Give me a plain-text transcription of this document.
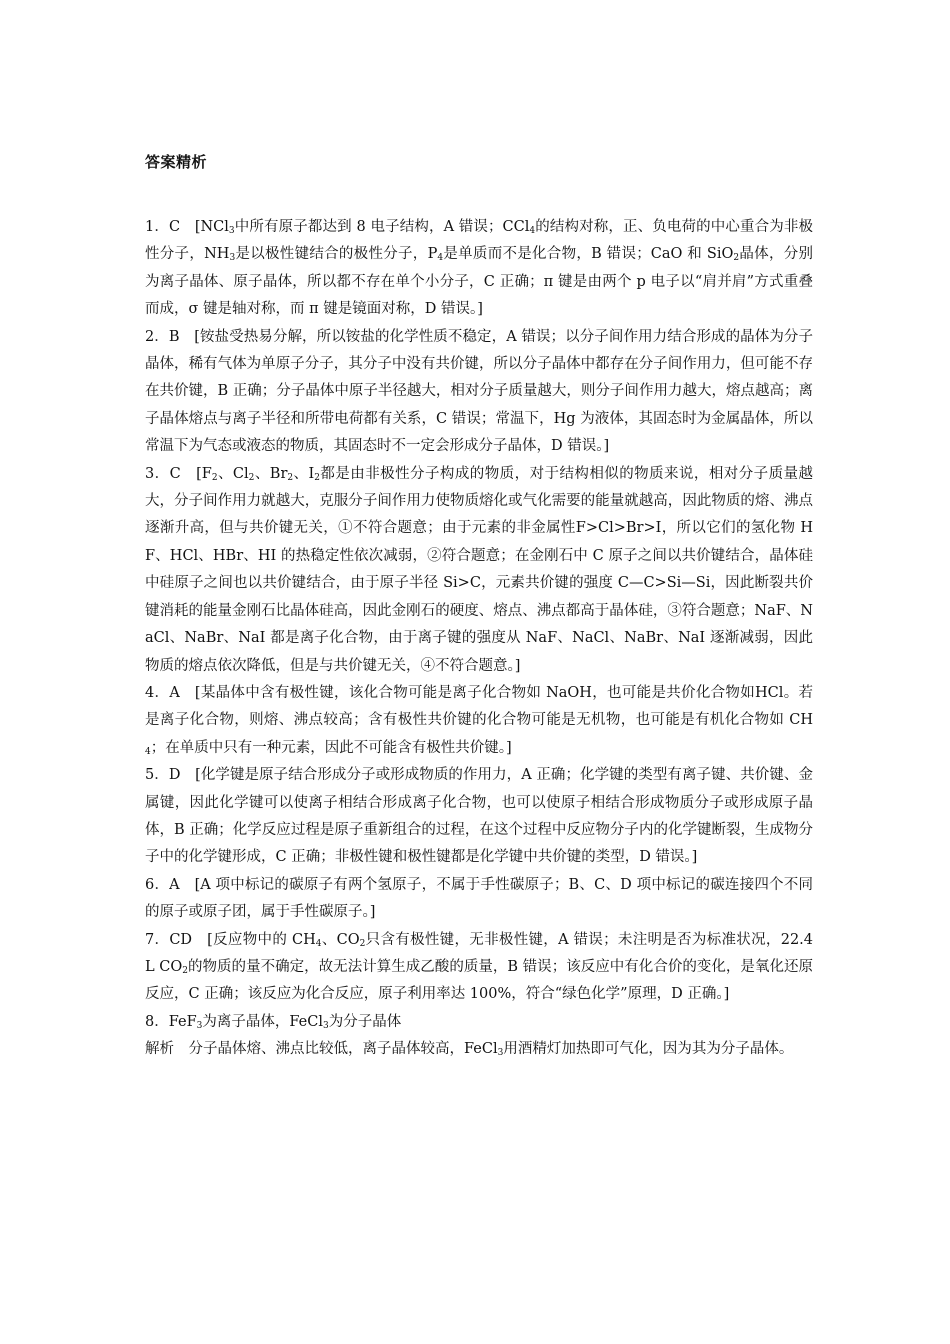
答案精析

1．C　[NCl$_3$中所有原子都达到 8 电子结构，A 错误；CCl$_4$的结构对称，正、负电荷的中心重合为非极性分子，$NH_3$是以极性键结合的极性分子，$P_4$是单质而不是化合物，B 错误；CaO 和 SiO$_2$晶体，分别为离子晶体、原子晶体，所以都不存在单个小分子，C 正确；π 键是由两个 p 电子以“肩并肩”方式重叠而成，σ 键是轴对称，而 π 键是镜面对称，D 错误。]

2．B　[铵盐受热易分解，所以铵盐的化学性质不稳定，A 错误；以分子间作用力结合形成的晶体为分子晶体，稀有气体为单原子分子，其分子中没有共价键，所以分子晶体中都存在分子间作用力，但可能不存在共价键，B 正确；分子晶体中原子半径越大，相对分子质量越大，则分子间作用力越大，熔点越高；离子晶体熔点与离子半径和所带电荷都有关系，C 错误；常温下，Hg 为液体，其固态时为金属晶体，所以常温下为气态或液态的物质，其固态时不一定会形成分子晶体，D 错误。]

3．C　[$F_2$、$Cl_2$、$Br_2$、$I_2$都是由非极性分子构成的物质，对于结构相似的物质来说，相对分子质量越大，分子间作用力就越大，克服分子间作用力使物质熔化或气化需要的能量就越高，因此物质的熔、沸点逐渐升高，但与共价键无关，①不符合题意；由于元素的非金属性F>Cl>Br>I，所以它们的氢化物 HF、HCl、HBr、HI 的热稳定性依次减弱，②符合题意；在金刚石中 C 原子之间以共价键结合，晶体硅中硅原子之间也以共价键结合，由于原子半径 Si>C，元素共价键的强度 C—C>Si—Si，因此断裂共价键消耗的能量金刚石比晶体硅高，因此金刚石的硬度、熔点、沸点都高于晶体硅，③符合题意；NaF、NaCl、NaBr、NaI 都是离子化合物，由于离子键的强度从 NaF、NaCl、NaBr、NaI 逐渐减弱，因此物质的熔点依次降低，但是与共价键无关，④不符合题意。]

4．A　[某晶体中含有极性键，该化合物可能是离子化合物如 NaOH，也可能是共价化合物如HCl。若是离子化合物，则熔、沸点较高；含有极性共价键的化合物可能是无机物，也可能是有机化合物如 $CH_4$；在单质中只有一种元素，因此不可能含有极性共价键。]

5．D　[化学键是原子结合形成分子或形成物质的作用力，A 正确；化学键的类型有离子键、共价键、金属键，因此化学键可以使离子相结合形成离子化合物，也可以使原子相结合形成物质分子或形成原子晶体，B 正确；化学反应过程是原子重新组合的过程，在这个过程中反应物分子内的化学键断裂，生成物分子中的化学键形成，C 正确；非极性键和极性键都是化学键中共价键的类型，D 错误。]

6．A　[A 项中标记的碳原子有两个氢原子，不属于手性碳原子；B、C、D 项中标记的碳连接四个不同的原子或原子团，属于手性碳原子。]

7．CD　[反应物中的 $CH_4$、$CO_2$只含有极性键，无非极性键，A 错误；未注明是否为标准状况，22.4 L $CO_2$的物质的量不确定，故无法计算生成乙酸的质量，B 错误；该反应中有化合价的变化，是氧化还原反应，C 正确；该反应为化合反应，原子利用率达 100%，符合“绿色化学”原理，D 正确。]

8．FeF$_3$为离子晶体，FeCl$_3$为分子晶体

解析　分子晶体熔、沸点比较低，离子晶体较高，FeCl$_3$用酒精灯加热即可气化，因为其为分子晶体。
